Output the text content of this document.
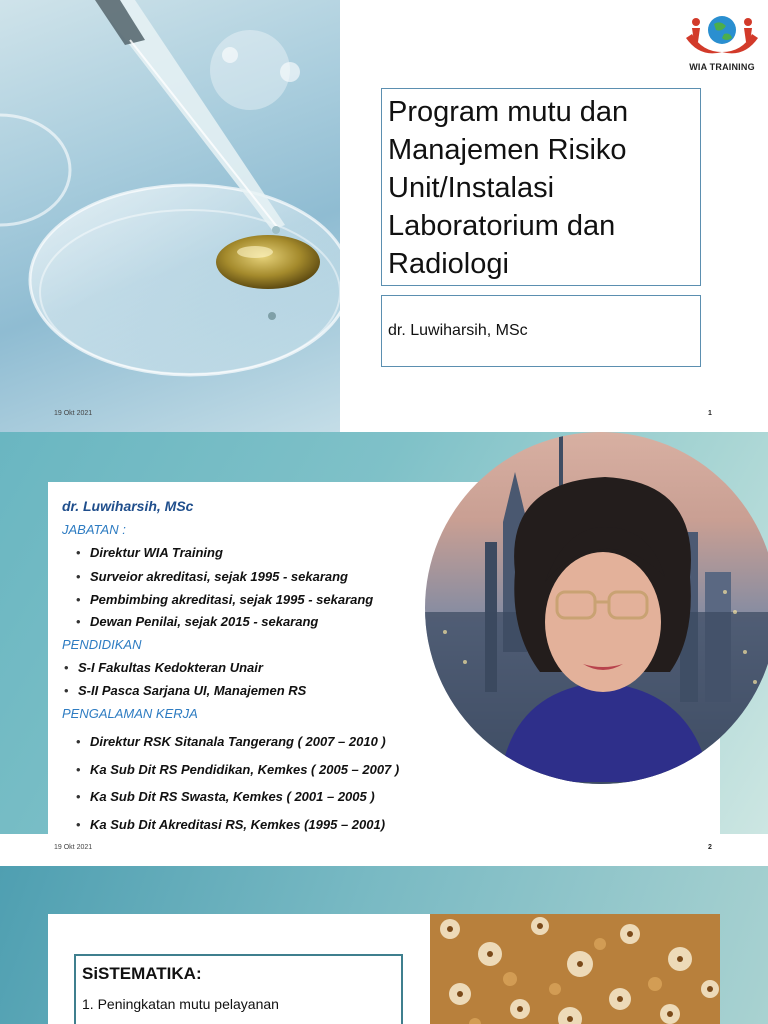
WIA TRAINING
Program mutu dan Manajemen Risiko Unit/Instalasi Laboratorium dan Radiologi
dr. Luwiharsih, MSc
19 Okt 2021	1
dr. Luwiharsih, MSc
JABATAN :
• Direktur WIA Training
• Surveior akreditasi, sejak 1995 - sekarang
• Pembimbing akreditasi, sejak 1995 - sekarang
• Dewan Penilai, sejak 2015 - sekarang
PENDIDIKAN
• S-I Fakultas Kedokteran Unair
• S-II Pasca Sarjana UI, Manajemen RS
PENGALAMAN KERJA
• Direktur RSK Sitanala Tangerang ( 2007 – 2010 )
• Ka Sub Dit RS Pendidikan, Kemkes ( 2005 – 2007 )
• Ka Sub Dit RS Swasta, Kemkes ( 2001 – 2005 )
• Ka Sub Dit Akreditasi RS, Kemkes (1995 – 2001)
19 Okt 2021	2
SiSTEMATIKA:
1. Peningkatan mutu pelayanan
